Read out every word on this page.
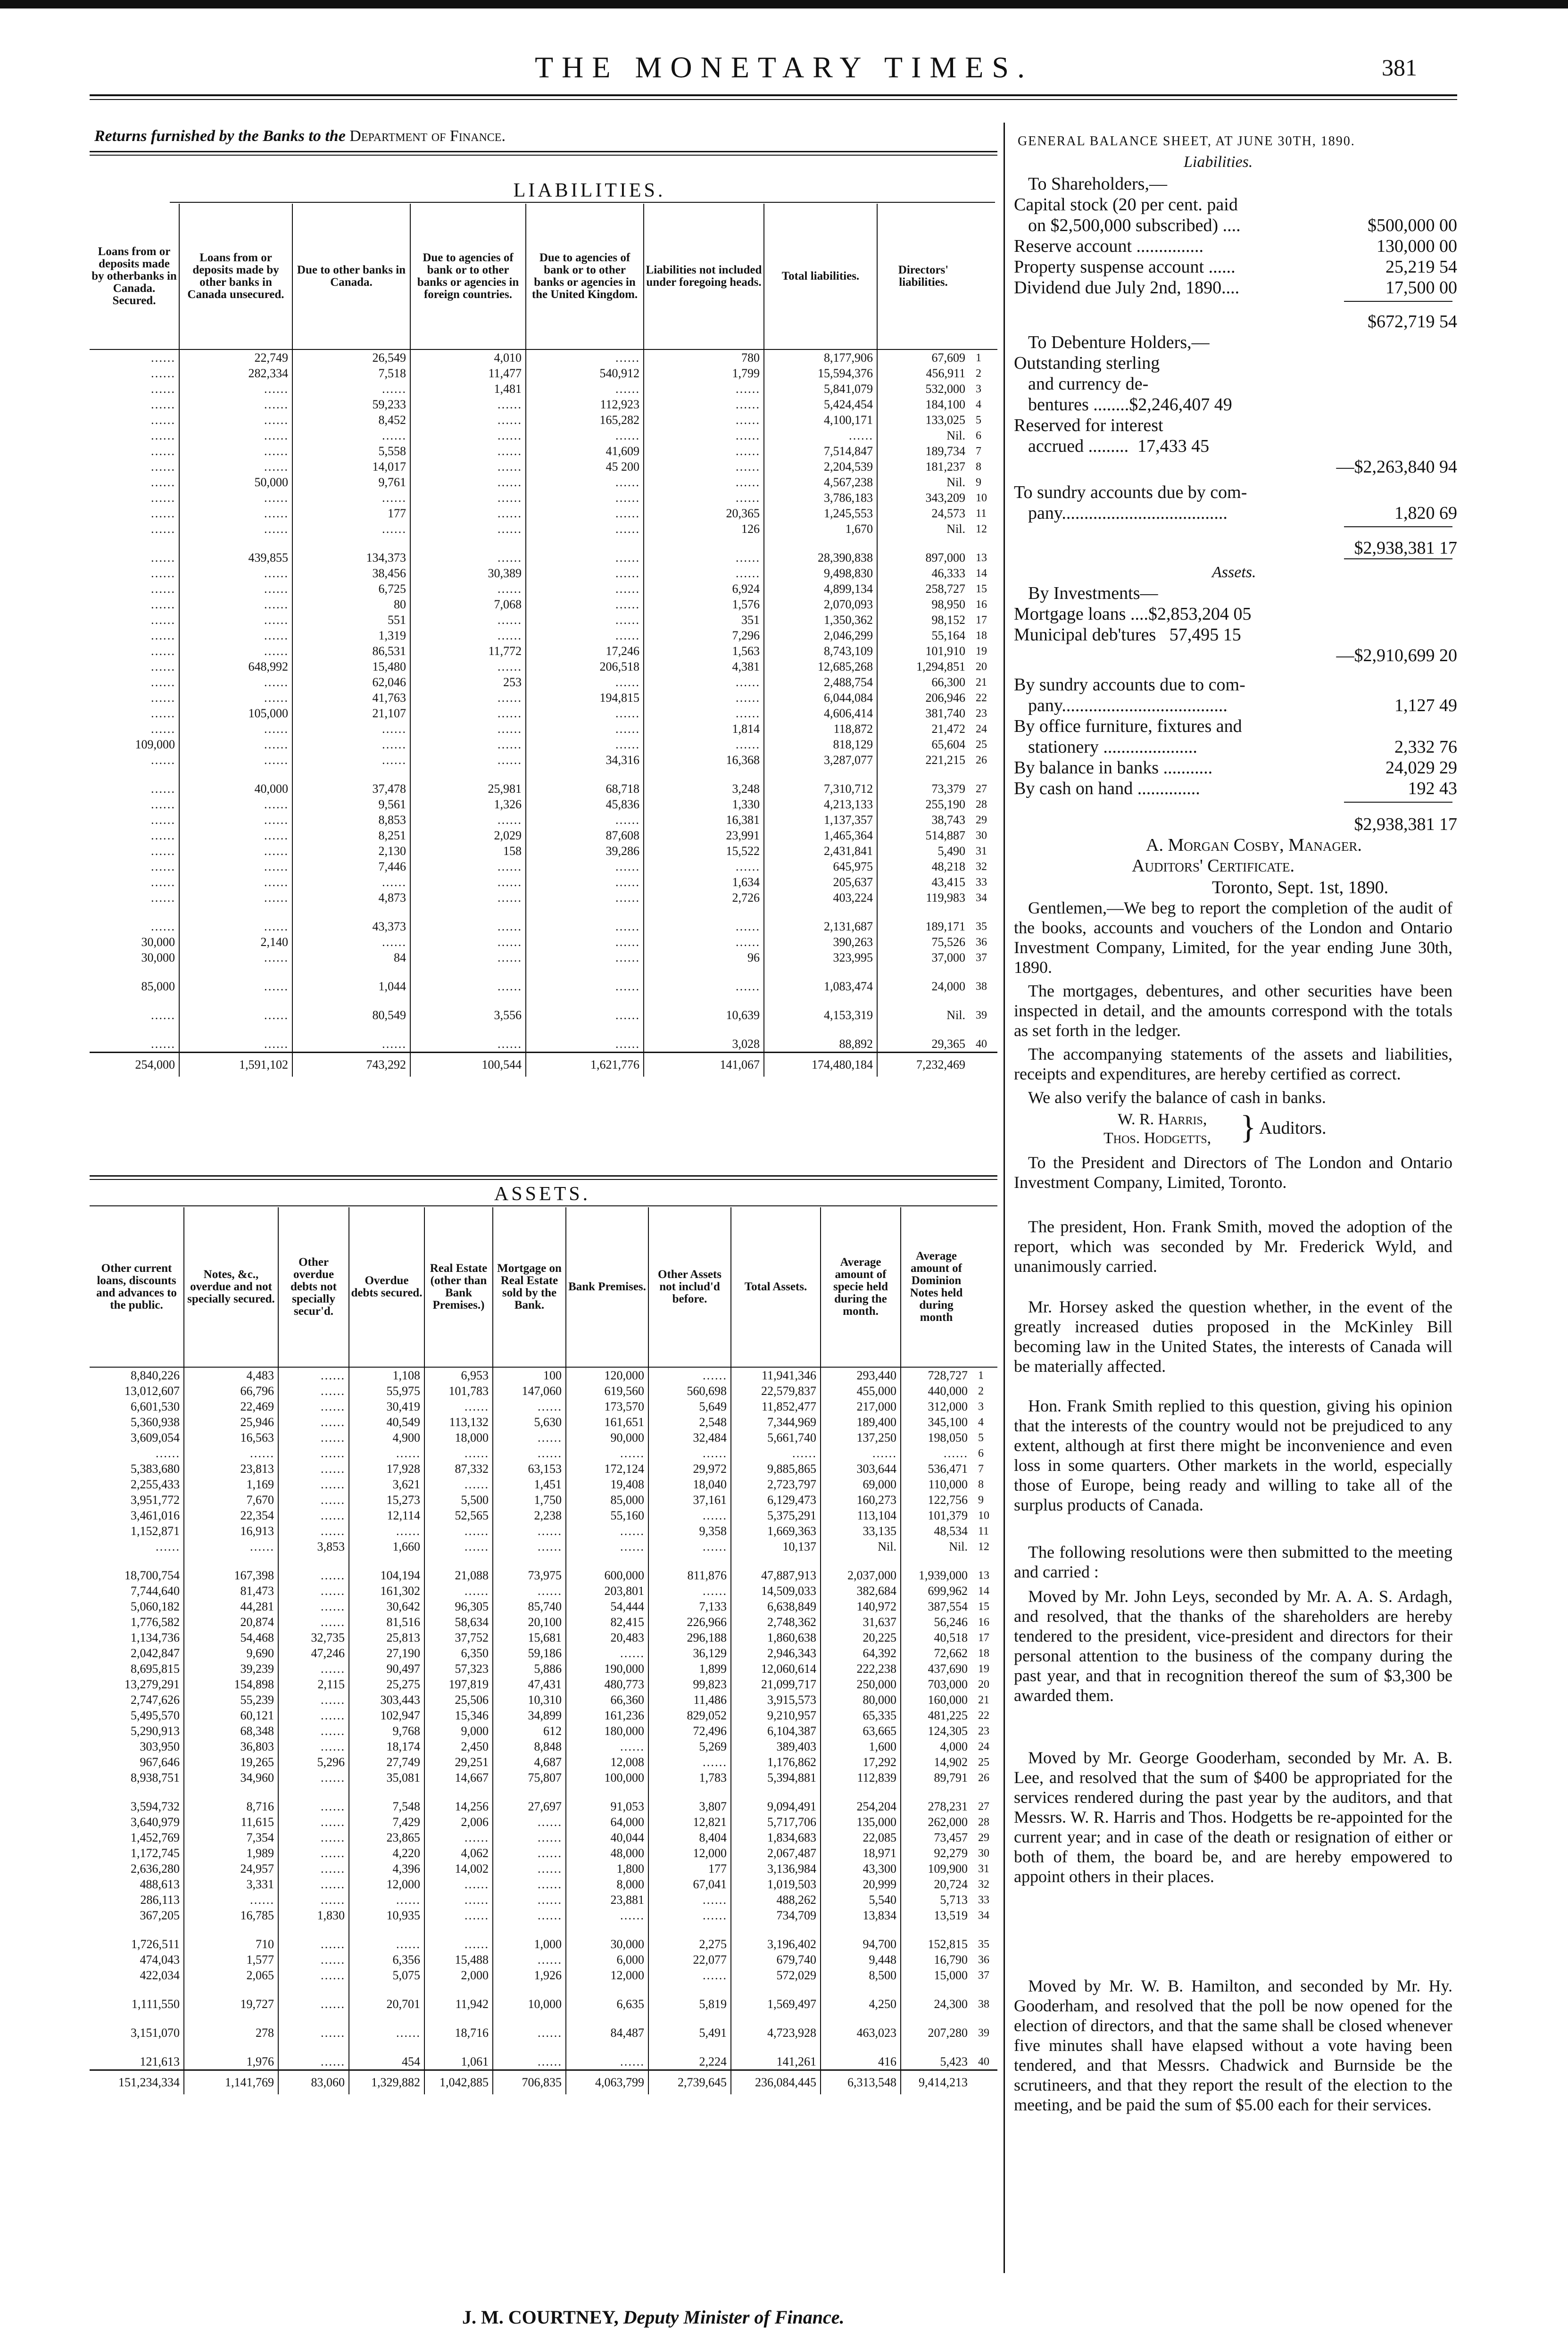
THE MONETARY TIMES.	381
Returns furnished by the Banks to the Department of Finance.
LIABILITIES.
Loans from or deposits made by otherbanks in Canada. Secured.	Loans from or deposits made by other banks in Canada unsecured.	Due to other banks in Canada.	Due to agencies of bank or to other banks or agencies in foreign countries.	Due to agencies of bank or to other banks or agencies in the United Kingdom.	Liabilities not included under foregoing heads.	Total liabilities.	Directors' liabilities.	
……	22,749	26,549	4,010	……	780	8,177,906	67,609	1
……	282,334	7,518	11,477	540,912	1,799	15,594,376	456,911	2
……	……	……	1,481	……	……	5,841,079	532,000	3
……	……	59,233	……	112,923	……	5,424,454	184,100	4
……	……	8,452	……	165,282	……	4,100,171	133,025	5
……	……	……	……	……	……	……	Nil.	6
……	……	5,558	……	41,609	……	7,514,847	189,734	7
……	……	14,017	……	45 200	……	2,204,539	181,237	8
……	50,000	9,761	……	……	……	4,567,238	Nil.	9
……	……	……	……	……	……	3,786,183	343,209	10
……	……	177	……	……	20,365	1,245,553	24,573	11
……	……	……	……	……	126	1,670	Nil.	12

……	439,855	134,373	……	……	……	28,390,838	897,000	13
……	……	38,456	30,389	……	……	9,498,830	46,333	14
……	……	6,725	……	……	6,924	4,899,134	258,727	15
……	……	80	7,068	……	1,576	2,070,093	98,950	16
……	……	551	……	……	351	1,350,362	98,152	17
……	……	1,319	……	……	7,296	2,046,299	55,164	18
……	……	86,531	11,772	17,246	1,563	8,743,109	101,910	19
……	648,992	15,480	……	206,518	4,381	12,685,268	1,294,851	20
……	……	62,046	253	……	……	2,488,754	66,300	21
……	……	41,763	……	194,815	……	6,044,084	206,946	22
……	105,000	21,107	……	……	……	4,606,414	381,740	23
……	……	……	……	……	1,814	118,872	21,472	24
109,000	……	……	……	……	……	818,129	65,604	25
……	……	……	……	34,316	16,368	3,287,077	221,215	26

……	40,000	37,478	25,981	68,718	3,248	7,310,712	73,379	27
……	……	9,561	1,326	45,836	1,330	4,213,133	255,190	28
……	……	8,853	……	……	16,381	1,137,357	38,743	29
……	……	8,251	2,029	87,608	23,991	1,465,364	514,887	30
……	……	2,130	158	39,286	15,522	2,431,841	5,490	31
……	……	7,446	……	……	……	645,975	48,218	32
……	……	……	……	……	1,634	205,637	43,415	33
……	……	4,873	……	……	2,726	403,224	119,983	34

……	……	43,373	……	……	……	2,131,687	189,171	35
30,000	2,140	……	……	……	……	390,263	75,526	36
30,000	……	84	……	……	96	323,995	37,000	37

85,000	……	1,044	……	……	……	1,083,474	24,000	38

……	……	80,549	3,556	……	10,639	4,153,319	Nil.	39

……	……	……	……	……	3,028	88,892	29,365	40
254,000	1,591,102	743,292	100,544	1,621,776	141,067	174,480,184	7,232,469	
ASSETS.
Other current loans, discounts and advances to the public.	Notes, &c., overdue and not specially secured.	Other overdue debts not specially secur'd.	Overdue debts secured.	Real Estate (other than Bank Premises.)	Mortgage on Real Estate sold by the Bank.	Bank Premises.	Other Assets not includ'd before.	Total Assets.	Average amount of specie held during the month.	Average amount of Dominion Notes held during month	
8,840,226	4,483	……	1,108	6,953	100	120,000	……	11,941,346	293,440	728,727	1
13,012,607	66,796	……	55,975	101,783	147,060	619,560	560,698	22,579,837	455,000	440,000	2
6,601,530	22,469	……	30,419	……	……	173,570	5,649	11,852,477	217,000	312,000	3
5,360,938	25,946	……	40,549	113,132	5,630	161,651	2,548	7,344,969	189,400	345,100	4
3,609,054	16,563	……	4,900	18,000	……	90,000	32,484	5,661,740	137,250	198,050	5
……	……	……	……	……	……	……	……	……	……	……	6
5,383,680	23,813	……	17,928	87,332	63,153	172,124	29,972	9,885,865	303,644	536,471	7
2,255,433	1,169	……	3,621	……	1,451	19,408	18,040	2,723,797	69,000	110,000	8
3,951,772	7,670	……	15,273	5,500	1,750	85,000	37,161	6,129,473	160,273	122,756	9
3,461,016	22,354	……	12,114	52,565	2,238	55,160	……	5,375,291	113,104	101,379	10
1,152,871	16,913	……	……	……	……	……	9,358	1,669,363	33,135	48,534	11
……	……	3,853	1,660	……	……	……	……	10,137	Nil.	Nil.	12

18,700,754	167,398	……	104,194	21,088	73,975	600,000	811,876	47,887,913	2,037,000	1,939,000	13
7,744,640	81,473	……	161,302	……	……	203,801	……	14,509,033	382,684	699,962	14
5,060,182	44,281	……	30,642	96,305	85,740	54,444	7,133	6,638,849	140,972	387,554	15
1,776,582	20,874	……	81,516	58,634	20,100	82,415	226,966	2,748,362	31,637	56,246	16
1,134,736	54,468	32,735	25,813	37,752	15,681	20,483	296,188	1,860,638	20,225	40,518	17
2,042,847	9,690	47,246	27,190	6,350	59,186	……	36,129	2,946,343	64,392	72,662	18
8,695,815	39,239	……	90,497	57,323	5,886	190,000	1,899	12,060,614	222,238	437,690	19
13,279,291	154,898	2,115	25,275	197,819	47,431	480,773	99,823	21,099,717	250,000	703,000	20
2,747,626	55,239	……	303,443	25,506	10,310	66,360	11,486	3,915,573	80,000	160,000	21
5,495,570	60,121	……	102,947	15,346	34,899	161,236	829,052	9,210,957	65,335	481,225	22
5,290,913	68,348	……	9,768	9,000	612	180,000	72,496	6,104,387	63,665	124,305	23
303,950	36,803	……	18,174	2,450	8,848	……	5,269	389,403	1,600	4,000	24
967,646	19,265	5,296	27,749	29,251	4,687	12,008	……	1,176,862	17,292	14,902	25
8,938,751	34,960	……	35,081	14,667	75,807	100,000	1,783	5,394,881	112,839	89,791	26

3,594,732	8,716	……	7,548	14,256	27,697	91,053	3,807	9,094,491	254,204	278,231	27
3,640,979	11,615	……	7,429	2,006	……	64,000	12,821	5,717,706	135,000	262,000	28
1,452,769	7,354	……	23,865	……	……	40,044	8,404	1,834,683	22,085	73,457	29
1,172,745	1,989	……	4,220	4,062	……	48,000	12,000	2,067,487	18,971	92,279	30
2,636,280	24,957	……	4,396	14,002	……	1,800	177	3,136,984	43,300	109,900	31
488,613	3,331	……	12,000	……	……	8,000	67,041	1,019,503	20,999	20,724	32
286,113	……	……	……	……	……	23,881	……	488,262	5,540	5,713	33
367,205	16,785	1,830	10,935	……	……	……	……	734,709	13,834	13,519	34

1,726,511	710	……	……	……	1,000	30,000	2,275	3,196,402	94,700	152,815	35
474,043	1,577	……	6,356	15,488	……	6,000	22,077	679,740	9,448	16,790	36
422,034	2,065	……	5,075	2,000	1,926	12,000	……	572,029	8,500	15,000	37

1,111,550	19,727	……	20,701	11,942	10,000	6,635	5,819	1,569,497	4,250	24,300	38

3,151,070	278	……	……	18,716	……	84,487	5,491	4,723,928	463,023	207,280	39

121,613	1,976	……	454	1,061	……	……	2,224	141,261	416	5,423	40
151,234,334	1,141,769	83,060	1,329,882	1,042,885	706,835	4,063,799	2,739,645	236,084,445	6,313,548	9,414,213	
J. M. COURTNEY, Deputy Minister of Finance.
GENERAL BALANCE SHEET, AT JUNE 30TH, 1890.
Liabilities.
To Shareholders,—
Capital stock (20 per cent. paid
on $2,500,000 subscribed) ....	$500,000 00
Reserve account ...............	130,000 00
Property suspense account ......	25,219 54
Dividend due July 2nd, 1890....	17,500 00
$672,719 54
To Debenture Holders,—
Outstanding sterling
and currency de-
bentures ........$2,246,407 49
Reserved for interest
accrued .........  17,433 45
—$2,263,840 94
To sundry accounts due by com-
pany.....................................	1,820 69
$2,938,381 17
Assets.
By Investments—
Mortgage loans ....$2,853,204 05
Municipal deb'tures   57,495 15
—$2,910,699 20
By sundry accounts due to com-
pany.....................................	1,127 49
By office furniture, fixtures and
stationery .....................	2,332 76
By balance in banks ...........	24,029 29
By cash on hand ..............	192 43
$2,938,381 17
A. Morgan Cosby, Manager.
Auditors' Certificate.
Toronto, Sept. 1st, 1890.
Gentlemen,—We beg to report the completion of the audit of the books, accounts and vouchers of the London and Ontario Investment Company, Limited, for the year ending June 30th, 1890.
The mortgages, debentures, and other securities have been inspected in detail, and the amounts correspond with the totals as set forth in the ledger.
The accompanying statements of the assets and liabilities, receipts and expenditures, are hereby certified as correct.
We also verify the balance of cash in banks.
W. R. Harris,
Thos. Hodgetts, } Auditors.
To the President and Directors of The London and Ontario Investment Company, Limited, Toronto.
The president, Hon. Frank Smith, moved the adoption of the report, which was seconded by Mr. Frederick Wyld, and unanimously carried.
Mr. Horsey asked the question whether, in the event of the greatly increased duties proposed in the McKinley Bill becoming law in the United States, the interests of Canada will be materially affected.
Hon. Frank Smith replied to this question, giving his opinion that the interests of the country would not be prejudiced to any extent, although at first there might be inconvenience and even loss in some quarters. Other markets in the world, especially those of Europe, being ready and willing to take all of the surplus products of Canada.
The following resolutions were then submitted to the meeting and carried :
Moved by Mr. John Leys, seconded by Mr. A. A. S. Ardagh, and resolved, that the thanks of the shareholders are hereby tendered to the president, vice-president and directors for their personal attention to the business of the company during the past year, and that in recognition thereof the sum of $3,300 be awarded them.
Moved by Mr. George Gooderham, seconded by Mr. A. B. Lee, and resolved that the sum of $400 be appropriated for the services rendered during the past year by the auditors, and that Messrs. W. R. Harris and Thos. Hodgetts be re-appointed for the current year; and in case of the death or resignation of either or both of them, the board be, and are hereby empowered to appoint others in their places.
Moved by Mr. W. B. Hamilton, and seconded by Mr. Hy. Gooderham, and resolved that the poll be now opened for the election of directors, and that the same shall be closed whenever five minutes shall have elapsed without a vote having been tendered, and that Messrs. Chadwick and Burnside be the scrutineers, and that they report the result of the election to the meeting, and be paid the sum of $5.00 each for their services.
